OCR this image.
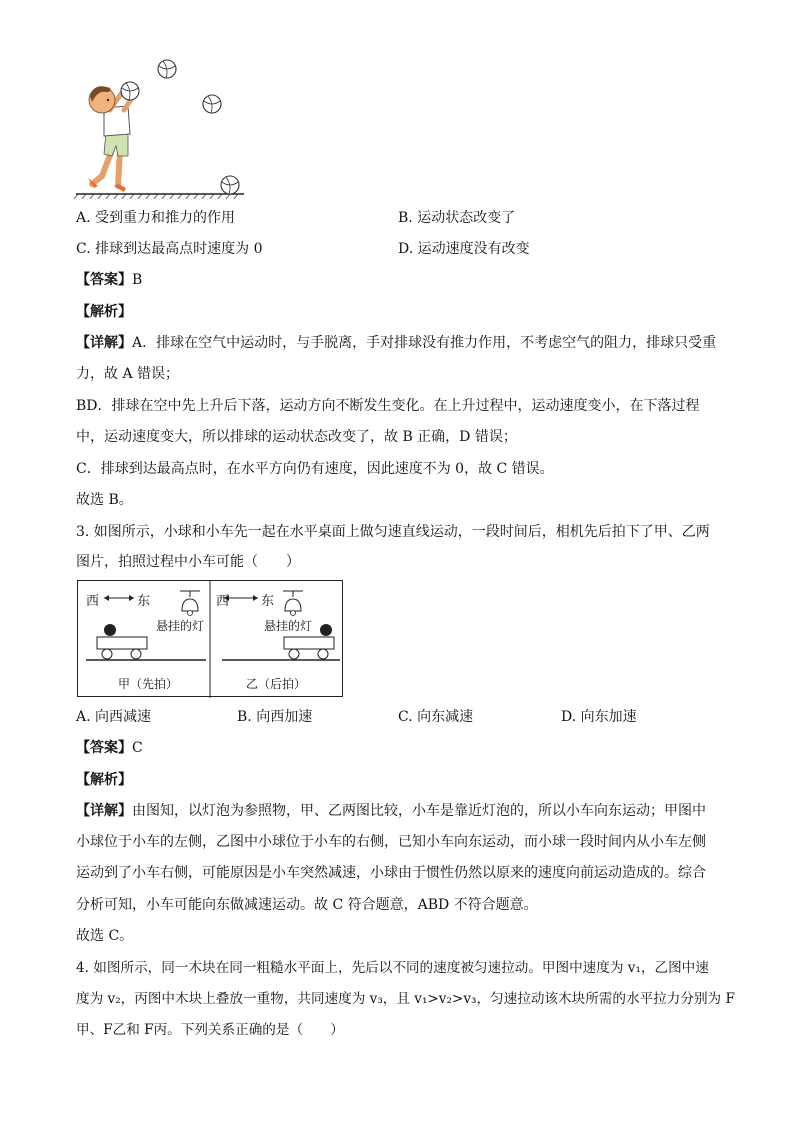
A. 受到重力和推力的作用	B. 运动状态改变了
C. 排球到达最高点时速度为 0	D. 运动速度没有改变
【答案】B
【解析】
【详解】A．排球在空气中运动时，与手脱离，手对排球没有推力作用，不考虑空气的阻力，排球只受重
力，故 A 错误；
BD．排球在空中先上升后下落，运动方向不断发生变化。在上升过程中，运动速度变小，在下落过程
中，运动速度变大，所以排球的运动状态改变了，故 B 正确，D 错误；
C．排球到达最高点时，在水平方向仍有速度，因此速度不为 0，故 C 错误。
故选 B。
3. 如图所示，小球和小车先一起在水平桌面上做匀速直线运动，一段时间后，相机先后拍下了甲、乙两
图片，拍照过程中小车可能（　　）
西	东
悬挂的灯
甲（先拍）
西 东
悬挂的灯
乙（后拍）
A. 向西减速	B. 向西加速	C. 向东减速	D. 向东加速
【答案】C
【解析】
【详解】由图知，以灯泡为参照物，甲、乙两图比较，小车是靠近灯泡的，所以小车向东运动；甲图中
小球位于小车的左侧，乙图中小球位于小车的右侧，已知小车向东运动，而小球一段时间内从小车左侧
运动到了小车右侧，可能原因是小车突然减速，小球由于惯性仍然以原来的速度向前运动造成的。综合
分析可知，小车可能向东做减速运动。故 C 符合题意，ABD 不符合题意。
故选 C。
4. 如图所示，同一木块在同一粗糙水平面上，先后以不同的速度被匀速拉动。甲图中速度为 v₁，乙图中速
度为 v₂，丙图中木块上叠放一重物，共同速度为 v₃，且 v₁>v₂>v₃，匀速拉动该木块所需的水平拉力分别为 F
甲、F乙和 F丙。下列关系正确的是（　　）
